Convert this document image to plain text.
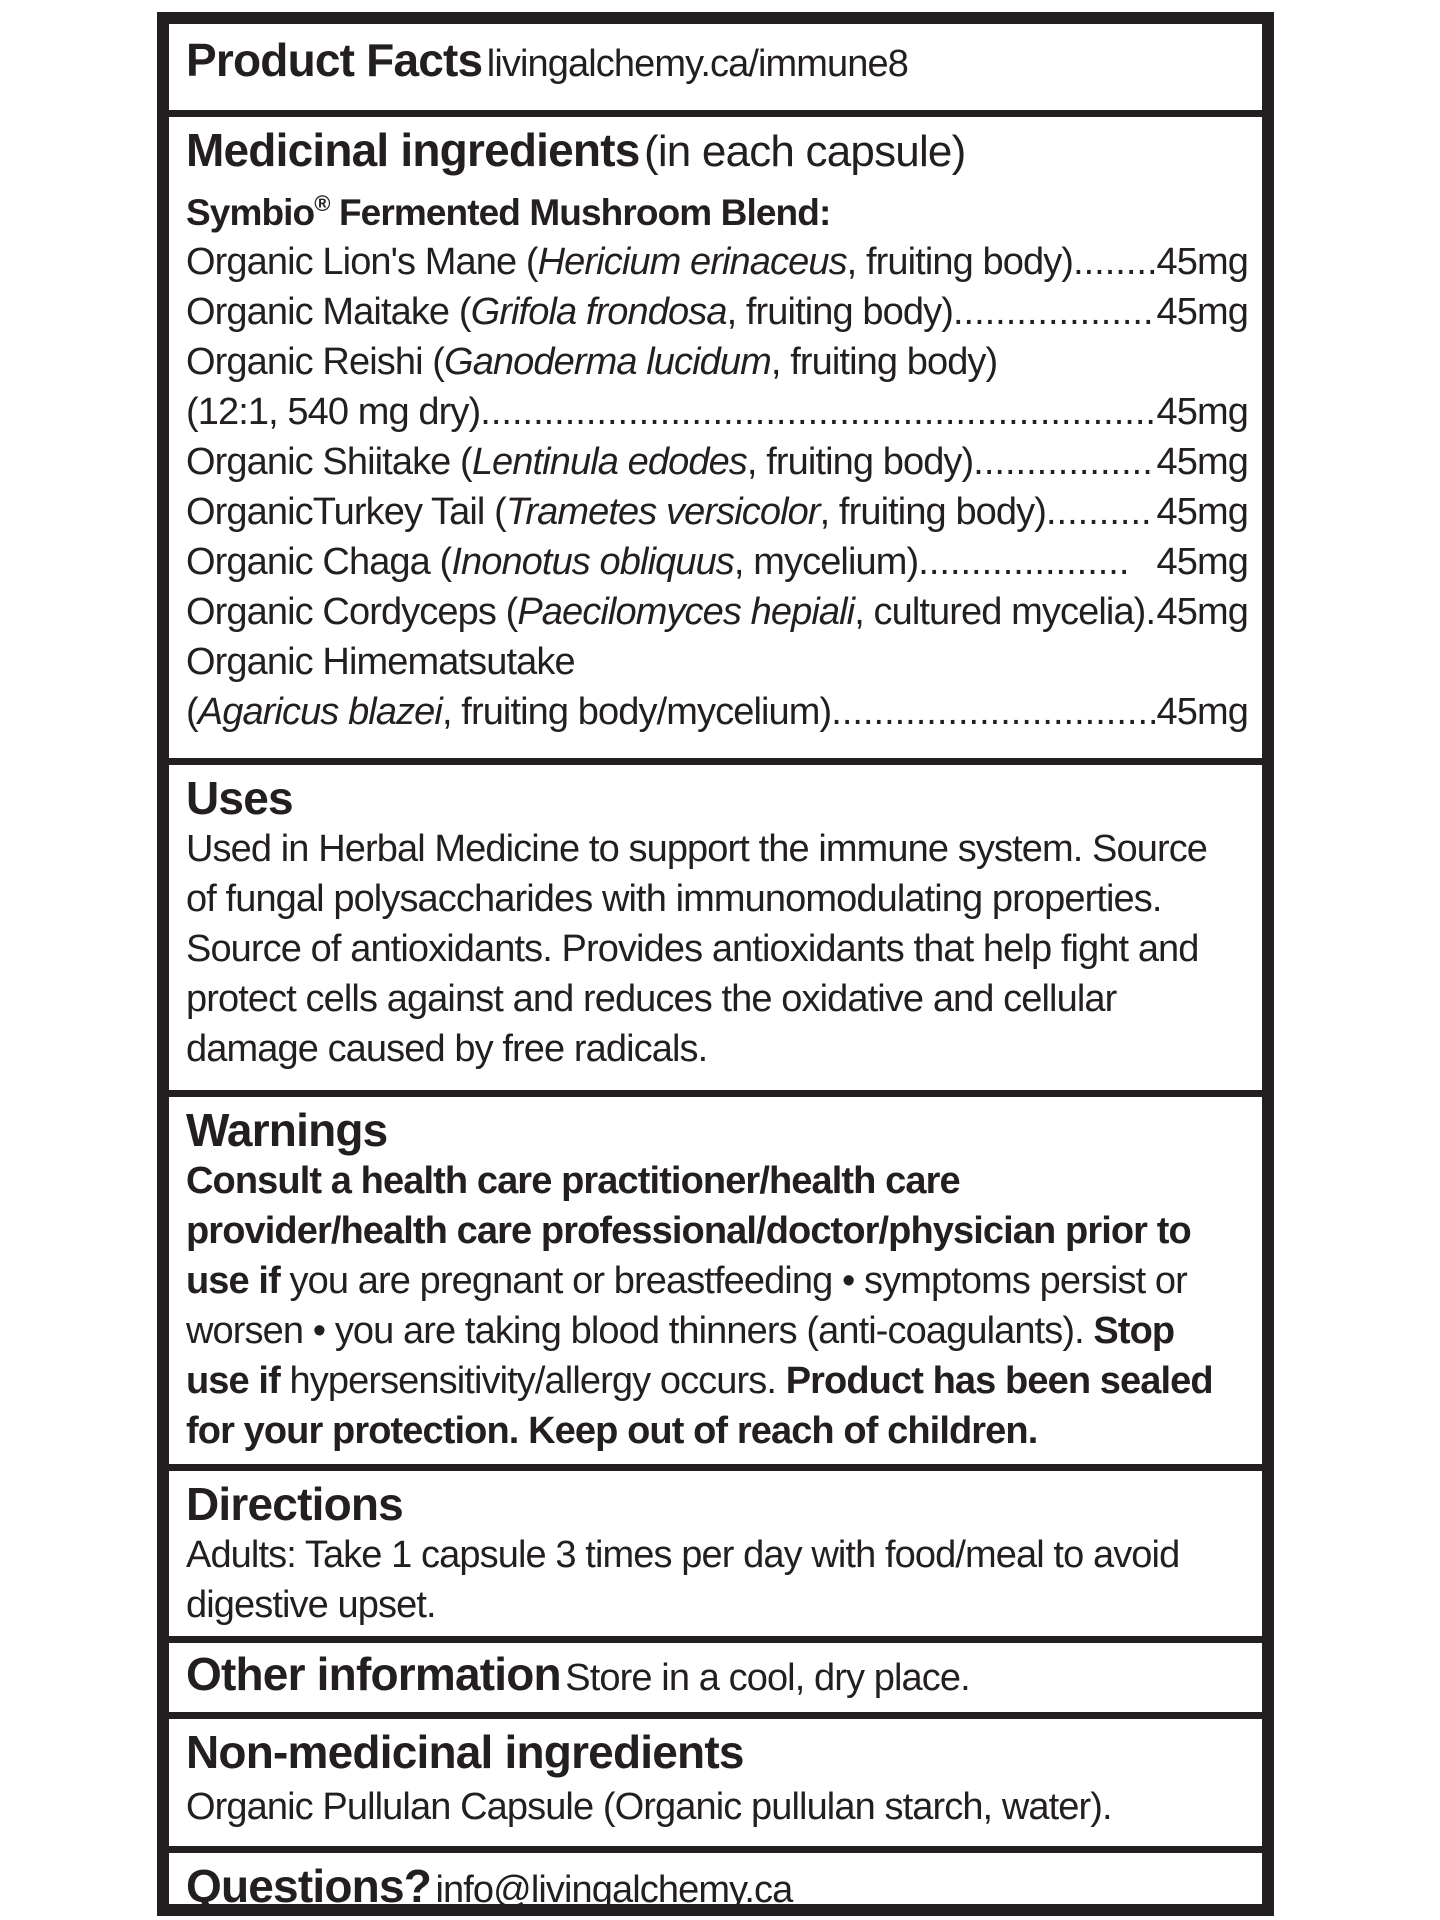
Product Facts livingalchemy.ca/immune8
Medicinal ingredients (in each capsule)
Symbio® Fermented Mushroom Blend:
Organic Lion's Mane (Hericium erinaceus, fruiting body) ..... 45mg
Organic Maitake (Grifola frondosa, fruiting body) .....	45mg
Organic Reishi (Ganoderma lucidum, fruiting body)
(12:1, 540 mg dry) .....	45mg
Organic Shiitake (Lentinula edodes, fruiting body) .....	45mg
OrganicTurkey Tail (Trametes versicolor, fruiting body) .....	45mg
Organic Chaga (Inonotus obliquus, mycelium) .....	45mg
Organic Cordyceps (Paecilomyces hepiali, cultured mycelia) ..... 45mg
Organic Himematsutake
(Agaricus blazei, fruiting body/mycelium) .....	45mg
Uses
Used in Herbal Medicine to support the immune system. Source of fungal polysaccharides with immunomodulating properties. Source of antioxidants. Provides antioxidants that help fight and protect cells against and reduces the oxidative and cellular damage caused by free radicals.
Warnings
Consult a health care practitioner/health care provider/health care professional/doctor/physician prior to use if you are pregnant or breastfeeding • symptoms persist or worsen • you are taking blood thinners (anti-coagulants). Stop use if hypersensitivity/allergy occurs. Product has been sealed for your protection. Keep out of reach of children.
Directions
Adults: Take 1 capsule 3 times per day with food/meal to avoid digestive upset.
Other information Store in a cool, dry place.
Non-medicinal ingredients
Organic Pullulan Capsule (Organic pullulan starch, water).
Questions? info@livingalchemy.ca
